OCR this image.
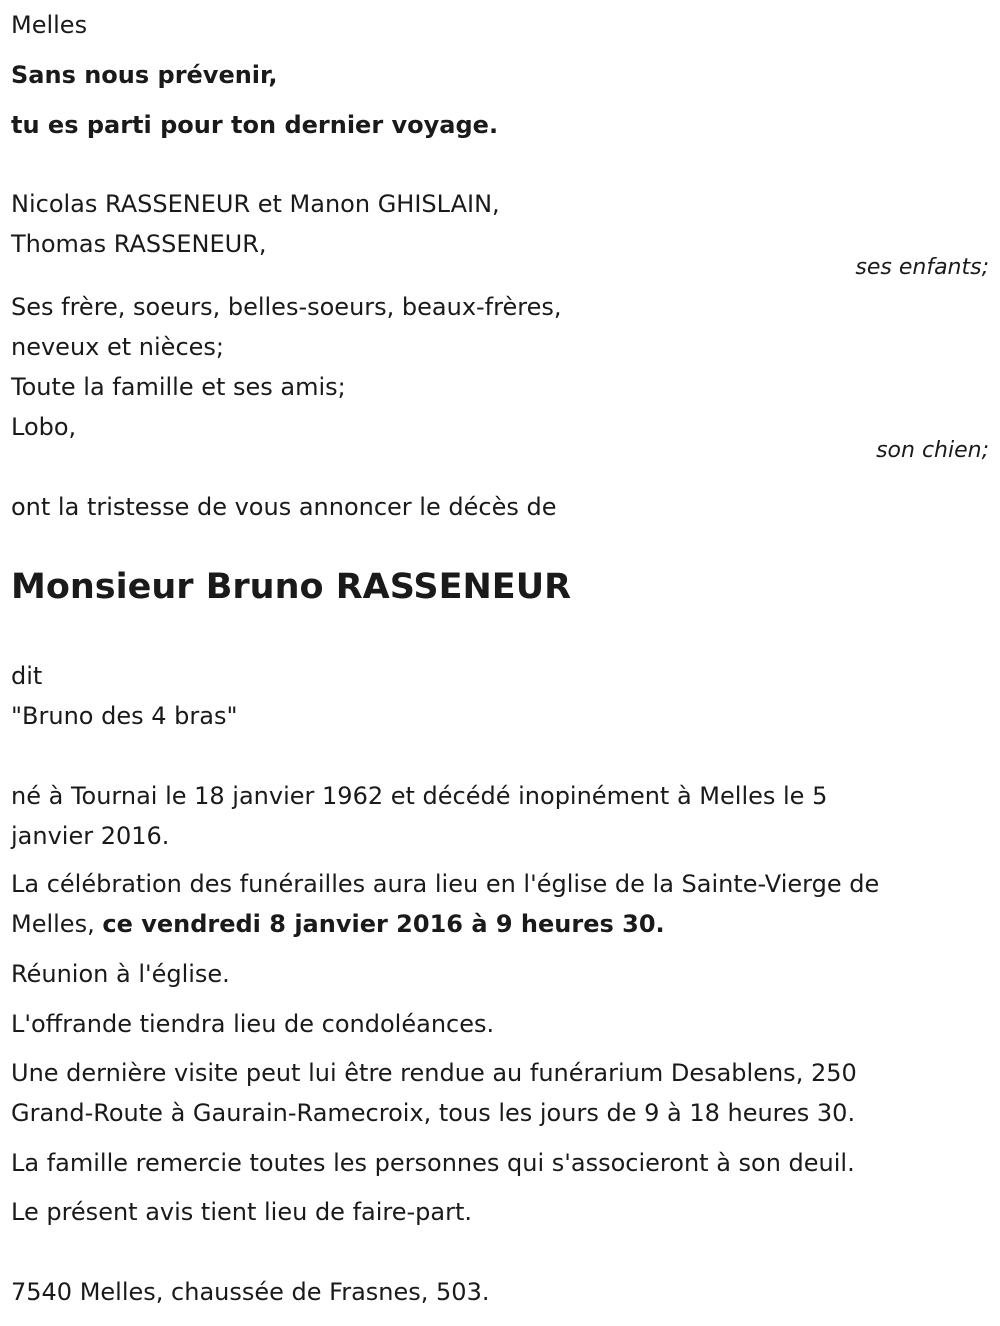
Melles

Sans nous prévenir,

tu es parti pour ton dernier voyage.

Nicolas RASSENEUR et Manon GHISLAIN,

Thomas RASSENEUR,

ses enfants;

Ses frère, soeurs, belles-soeurs, beaux-frères,

neveux et nièces;

Toute la famille et ses amis;

Lobo,

son chien;

ont la tristesse de vous annoncer le décès de

Monsieur Bruno RASSENEUR

dit

"Bruno des 4 bras"

né à Tournai le 18 janvier 1962 et décédé inopinément à Melles le 5

janvier 2016.

La célébration des funérailles aura lieu en l'église de la Sainte-Vierge de

Melles, ce vendredi 8 janvier 2016 à 9 heures 30.

Réunion à l'église.

L'offrande tiendra lieu de condoléances.

Une dernière visite peut lui être rendue au funérarium Desablens, 250

Grand-Route à Gaurain-Ramecroix, tous les jours de 9 à 18 heures 30.

La famille remercie toutes les personnes qui s'associeront à son deuil.

Le présent avis tient lieu de faire-part.

7540 Melles, chaussée de Frasnes, 503.
